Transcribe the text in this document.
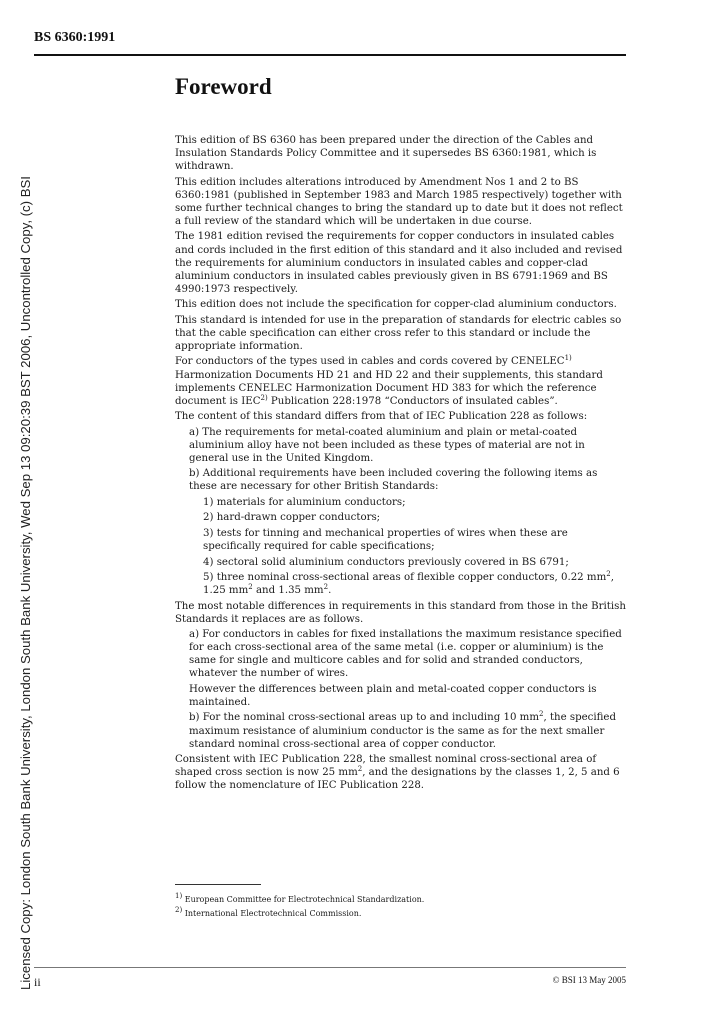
BS 6360:1991
Licensed Copy: London South Bank University, London South Bank University, Wed Sep 13 09:20:39 BST 2006, Uncontrolled Copy, (c) BSI
Foreword

This edition of BS 6360 has been prepared under the direction of the Cables and Insulation Standards Policy Committee and it supersedes BS 6360:1981, which is withdrawn.

This edition includes alterations introduced by Amendment Nos 1 and 2 to BS 6360:1981 (published in September 1983 and March 1985 respectively) together with some further technical changes to bring the standard up to date but it does not reflect a full review of the standard which will be undertaken in due course.

The 1981 edition revised the requirements for copper conductors in insulated cables and cords included in the first edition of this standard and it also included and revised the requirements for aluminium conductors in insulated cables and copper-clad aluminium conductors in insulated cables previously given in BS 6791:1969 and BS 4990:1973 respectively.

This edition does not include the specification for copper-clad aluminium conductors.

This standard is intended for use in the preparation of standards for electric cables so that the cable specification can either cross refer to this standard or include the appropriate information.

For conductors of the types used in cables and cords covered by CENELEC$^{1)}$ Harmonization Documents HD 21 and HD 22 and their supplements, this standard implements CENELEC Harmonization Document HD 383 for which the reference document is IEC$^{2)}$ Publication 228:1978 “Conductors of insulated cables”.

The content of this standard differs from that of IEC Publication 228 as follows:

a) The requirements for metal-coated aluminium and plain or metal-coated aluminium alloy have not been included as these types of material are not in general use in the United Kingdom.

b) Additional requirements have been included covering the following items as these are necessary for other British Standards:

1) materials for aluminium conductors;

2) hard-drawn copper conductors;

3) tests for tinning and mechanical properties of wires when these are specifically required for cable specifications;

4) sectoral solid aluminium conductors previously covered in BS 6791;

5) three nominal cross-sectional areas of flexible copper conductors, 0.22 $mm^2$, 1.25 $mm^2$ and 1.35 $mm^2$.

The most notable differences in requirements in this standard from those in the British Standards it replaces are as follows.

a) For conductors in cables for fixed installations the maximum resistance specified for each cross-sectional area of the same metal (i.e. copper or aluminium) is the same for single and multicore cables and for solid and stranded conductors, whatever the number of wires.

However the differences between plain and metal-coated copper conductors is maintained.

b) For the nominal cross-sectional areas up to and including 10 $mm^2$, the specified maximum resistance of aluminium conductor is the same as for the next smaller standard nominal cross-sectional area of copper conductor.

Consistent with IEC Publication 228, the smallest nominal cross-sectional area of shaped cross section is now 25 $mm^2$, and the designations by the classes 1, 2, 5 and 6 follow the nomenclature of IEC Publication 228.

$^{1)}$ European Committee for Electrotechnical Standardization.

$^{2)}$ International Electrotechnical Commission.

ii	© BSI 13 May 2005
